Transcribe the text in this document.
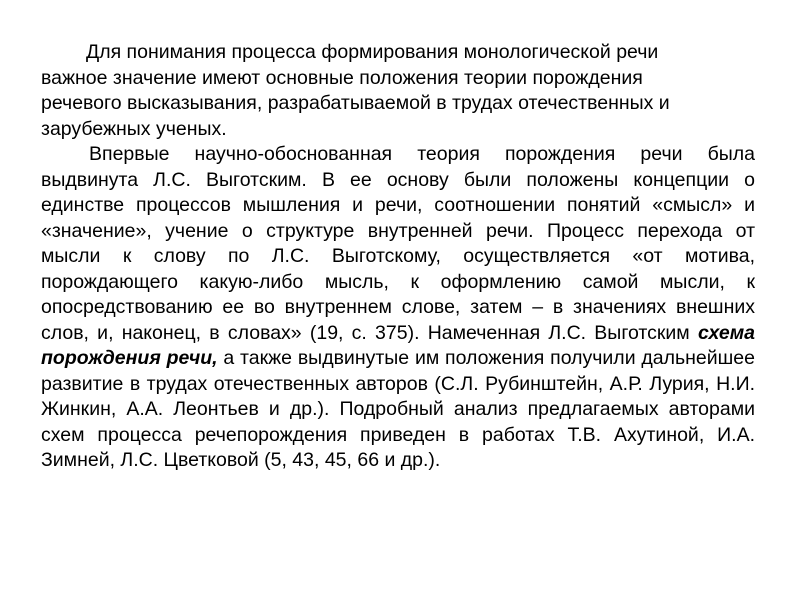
Для понимания процесса формирования монологической речи важное значение имеют основные положения теории порождения речевого высказывания, разрабатываемой в трудах отечественных и зарубежных ученых.

Впервые научно-обоснованная теория порождения речи была выдвинута Л.С. Выготским. В ее основу были положены концепции о единстве процессов мышления и речи, соотношении понятий «смысл» и «значение», учение о структуре внутренней речи. Процесс перехода от мысли к слову по Л.С. Выготскому, осуществляется «от мотива, порождающего какую-либо мысль, к оформлению самой мысли, к опосредствованию ее во внутреннем слове, затем – в значениях внешних слов, и, наконец, в словах» (19, с. 375). Намеченная Л.С. Выготским схема порождения речи, а также выдвинутые им положения получили дальнейшее развитие в трудах отечественных авторов (С.Л. Рубинштейн, А.Р. Лурия, Н.И. Жинкин, А.А. Леонтьев и др.). Подробный анализ предлагаемых авторами схем процесса речепорождения приведен в работах Т.В. Ахутиной, И.А. Зимней, Л.С. Цветковой (5, 43, 45, 66 и др.).
